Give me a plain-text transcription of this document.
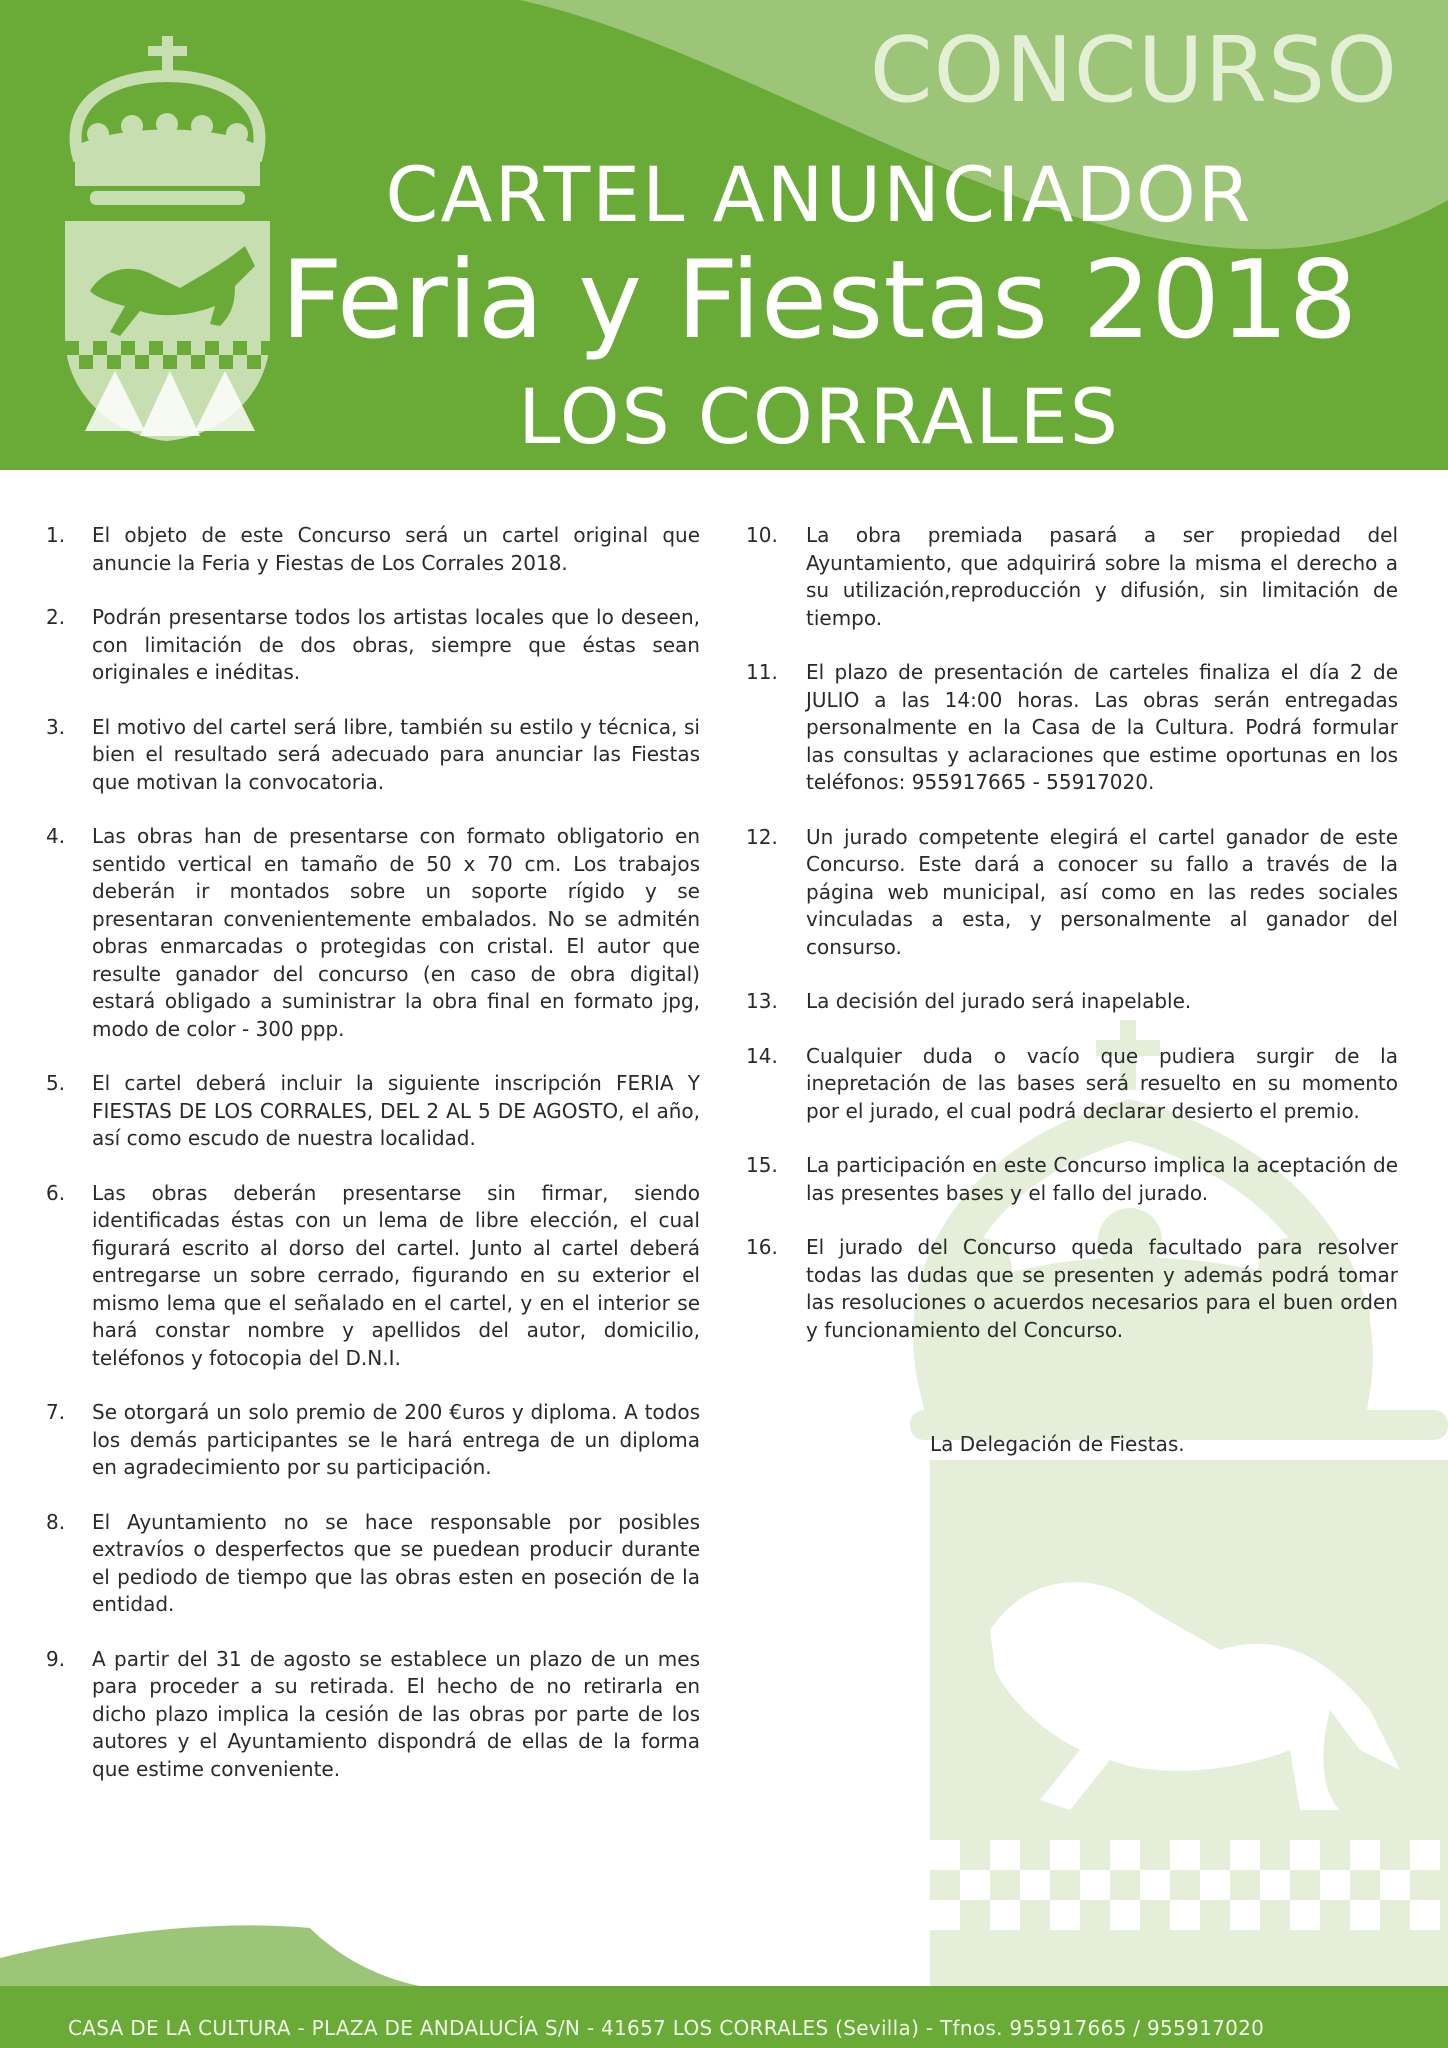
CONCURSO
CARTEL ANUNCIADOR
Feria y Fiestas 2018
LOS CORRALES
1.	El objeto de este Concurso será un cartel original que anuncie la Feria y Fiestas de Los Corrales 2018.
2.	Podrán presentarse todos los artistas locales que lo deseen, con limitación de dos obras, siempre que éstas sean originales e inéditas.
3.	El motivo del cartel será libre, también su estilo y técnica, si bien el resultado será adecuado para anunciar las Fiestas que motivan la convocatoria.
4.	Las obras han de presentarse con formato obligatorio en sentido vertical en tamaño de 50 x 70 cm. Los trabajos deberán ir montados sobre un soporte rígido y se presentaran convenientemente embalados. No se admitén obras enmarcadas o protegidas con cristal. El autor que resulte ganador del concurso (en caso de obra digital) estará obligado a suministrar la obra final en formato jpg, modo de color - 300 ppp.
5.	El cartel deberá incluir la siguiente inscripción FERIA Y FIESTAS DE LOS CORRALES, DEL 2 AL 5 DE AGOSTO, el año, así como escudo de nuestra localidad.
6.	Las obras deberán presentarse sin firmar, siendo identificadas éstas con un lema de libre elección, el cual figurará escrito al dorso del cartel. Junto al cartel deberá entregarse un sobre cerrado, figurando en su exterior el mismo lema que el señalado en el cartel, y en el interior se hará constar nombre y apellidos del autor, domicilio, teléfonos y fotocopia del D.N.I.
7.	Se otorgará un solo premio de 200 €uros y diploma. A todos los demás participantes se le hará entrega de un diploma en agradecimiento por su participación.
8.	El Ayuntamiento no se hace responsable por posibles extravíos o desperfectos que se puedean producir durante el pediodo de tiempo que las obras esten en poseción de la entidad.
9.	A partir del 31 de agosto se establece un plazo de un mes para proceder a su retirada. El hecho de no retirarla en dicho plazo implica la cesión de las obras por parte de los autores y el Ayuntamiento dispondrá de ellas de la forma que estime conveniente.
10.	La obra premiada pasará a ser propiedad del Ayuntamiento, que adquirirá sobre la misma el derecho a su utilización,reproducción y difusión, sin limitación de tiempo.
11.	El plazo de presentación de carteles finaliza el día 2 de JULIO a las 14:00 horas. Las obras serán entregadas personalmente en la Casa de la Cultura. Podrá formular las consultas y aclaraciones que estime oportunas en los teléfonos: 955917665 - 55917020.
12.	Un jurado competente elegirá el cartel ganador de este Concurso. Este dará a conocer su fallo a través de la página web municipal, así como en las redes sociales vinculadas a esta, y personalmente al ganador del consurso.
13.	La decisión del jurado será inapelable.
14.	Cualquier duda o vacío que pudiera surgir de la inepretación de las bases será resuelto en su momento por el jurado, el cual podrá declarar desierto el premio.
15.	La participación en este Concurso implica la aceptación de las presentes bases y el fallo del jurado.
16.	El jurado del Concurso queda facultado para resolver todas las dudas que se presenten y además podrá tomar las resoluciones o acuerdos necesarios para el buen orden y funcionamiento del Concurso.
La Delegación de Fiestas.
CASA DE LA CULTURA - PLAZA DE ANDALUCÍA S/N - 41657 LOS CORRALES (Sevilla) - Tfnos. 955917665 / 955917020
